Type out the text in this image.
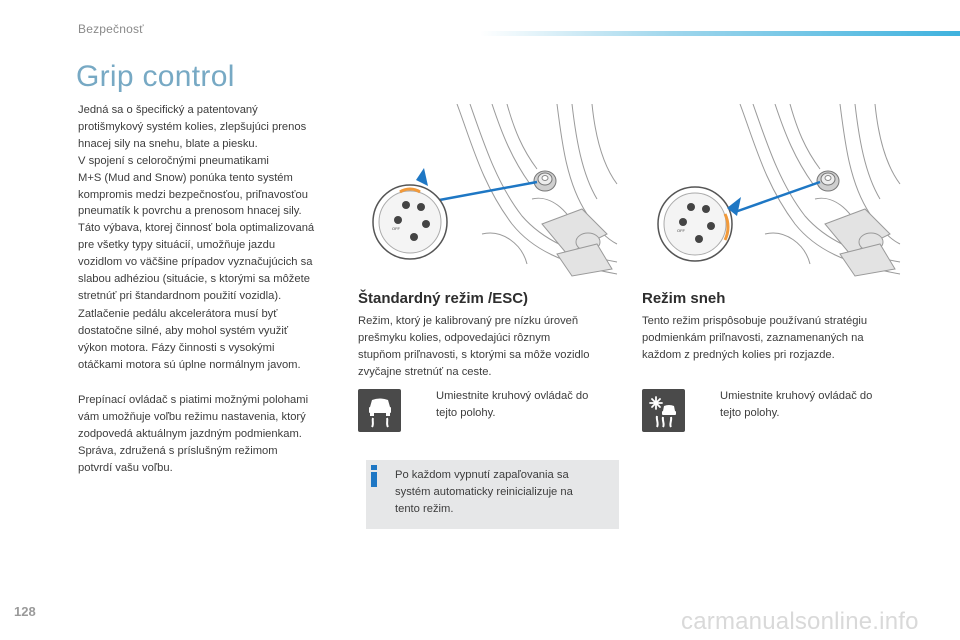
Bezpečnosť
Grip control

Jedná sa o špecifický a patentovaný

protišmykový systém kolies, zlepšujúci prenos

hnacej sily na snehu, blate a piesku.

V spojení s celoročnými pneumatikami

M+S (Mud and Snow) ponúka tento systém

kompromis medzi bezpečnosťou, priľnavosťou

pneumatík k povrchu a prenosom hnacej sily.

Táto výbava, ktorej činnosť bola optimalizovaná

pre všetky typy situácií, umožňuje jazdu

vozidlom vo väčšine prípadov vyznačujúcich sa

slabou adhéziou (situácie, s ktorými sa môžete

stretnúť pri štandardnom použití vozidla).

Zatlačenie pedálu akcelerátora musí byť

dostatočne silné, aby mohol systém využiť

výkon motora. Fázy činnosti s vysokými

otáčkami motora sú úplne normálnym javom.

Prepínací ovládač s piatimi možnými polohami

vám umožňuje voľbu režimu nastavenia, ktorý

zodpovedá aktuálnym jazdným podmienkam.

Správa, združená s príslušným režimom

potvrdí vašu voľbu.

OFF	OFF
Štandardný režim /ESC)

Režim, ktorý je kalibrovaný pre nízku úroveň

prešmyku kolies, odpovedajúci rôznym

stupňom priľnavosti, s ktorými sa môže vozidlo

zvyčajne stretnúť na ceste.

Umiestnite kruhový ovládač do
tejto polohy.

Po každom vypnutí zapaľovania sa

systém automaticky reinicializuje na

tento režim.

Režim sneh

Tento režim prispôsobuje používanú stratégiu

podmienkám priľnavosti, zaznamenaných na

každom z predných kolies pri rozjazde.

Umiestnite kruhový ovládač do
tejto polohy.
128	carmanualsonline.info
